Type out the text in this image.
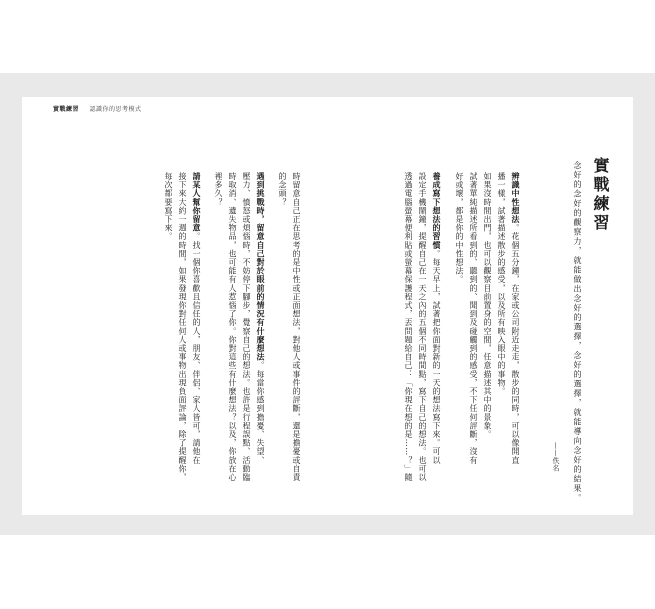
實戰練習 認識你的思考模式
實戰練習
念好的念好的觀察力，就能做出念好的選擇，念好的選擇，就能導向念好的結果。
——佚名
辨識中性想法。花個五分鐘，在家或公司附近走走，散步的同時，可以像開直
播一樣，試著描述散步的感受，以及所有映入眼中的事物。
如果沒時間出門，也可以觀察目前置身的空間，任意描述其中的景象。
試著單純描述所看到的、聽到的、聞到及碰觸到的感受，不下任何評斷，沒有
好或壞，都是你的中性想法。
養成寫下想法的習慣。每天早上，試著把你面對新的一天的想法寫下來。可以
設定手機鬧鐘，提醒自己在一天之內的五個不同時間點，寫下自己的想法。也可以
透過電腦螢幕便利貼或螢幕保護程式，丟問題給自己：「你現在想的是……？」隨
時留意自己正在思考的是中性或正面想法，對他人或事件的評斷，還是擔憂或自責
的念頭？
遇到挑戰時，留意自己對於眼前的情況有什麼想法。每當你感到擔憂、失望、
壓力、憤怒或煩惱時，不妨停下腳步，覺察自己的想法。也許是行程誤點、活動臨
時取消、遺失物品，也可能有人惹惱了你。你對這些有什麼想法？以及，你放在心
裡多久？
請某人幫你留意。找一個你喜歡且信任的人，朋友、伴侶、家人皆可，請他在
接下來大約一週的時間，如果發現你對任何人或事物出現負面評論，除了提醒你，
每次都要寫下來。
